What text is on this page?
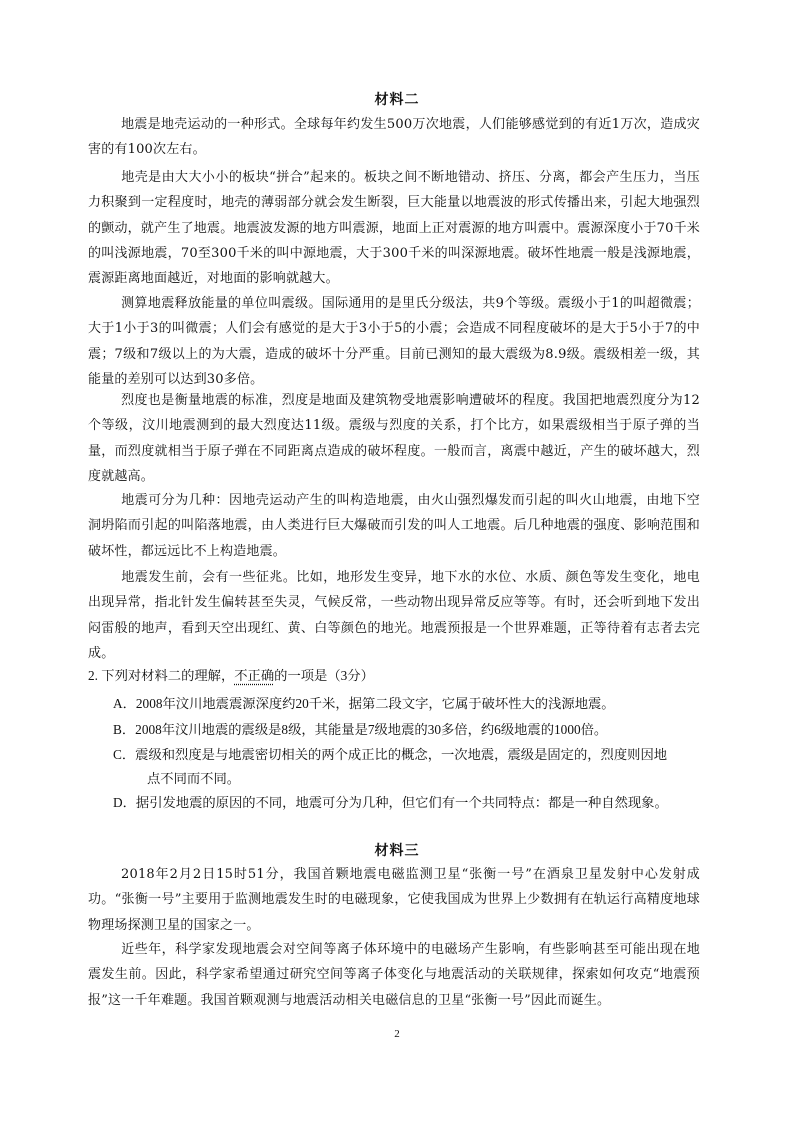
材料二
地震是地壳运动的一种形式。全球每年约发生500万次地震，人们能够感觉到的有近1万次，造成灾害的有100次左右。
地壳是由大大小小的板块“拼合”起来的。板块之间不断地错动、挤压、分离，都会产生压力，当压力积聚到一定程度时，地壳的薄弱部分就会发生断裂，巨大能量以地震波的形式传播出来，引起大地强烈的颤动，就产生了地震。地震波发源的地方叫震源，地面上正对震源的地方叫震中。震源深度小于70千米的叫浅源地震，70至300千米的叫中源地震，大于300千米的叫深源地震。破坏性地震一般是浅源地震，震源距离地面越近，对地面的影响就越大。
测算地震释放能量的单位叫震级。国际通用的是里氏分级法，共9个等级。震级小于1的叫超微震；大于1小于3的叫微震；人们会有感觉的是大于3小于5的小震；会造成不同程度破坏的是大于5小于7的中震；7级和7级以上的为大震，造成的破坏十分严重。目前已测知的最大震级为8.9级。震级相差一级，其能量的差别可以达到30多倍。
烈度也是衡量地震的标准，烈度是地面及建筑物受地震影响遭破坏的程度。我国把地震烈度分为12个等级，汶川地震测到的最大烈度达11级。震级与烈度的关系，打个比方，如果震级相当于原子弹的当量，而烈度就相当于原子弹在不同距离点造成的破坏程度。一般而言，离震中越近，产生的破坏越大，烈度就越高。
地震可分为几种：因地壳运动产生的叫构造地震，由火山强烈爆发而引起的叫火山地震，由地下空洞坍陷而引起的叫陷落地震，由人类进行巨大爆破而引发的叫人工地震。后几种地震的强度、影响范围和破坏性，都远远比不上构造地震。
地震发生前，会有一些征兆。比如，地形发生变异，地下水的水位、水质、颜色等发生变化，地电出现异常，指北针发生偏转甚至失灵，气候反常，一些动物出现异常反应等等。有时，还会听到地下发出闷雷般的地声，看到天空出现红、黄、白等颜色的地光。地震预报是一个世界难题，正等待着有志者去完成。
2. 下列对材料二的理解，不正确的一项是（3分）
A．2008年汶川地震震源深度约20千米，据第二段文字，它属于破坏性大的浅源地震。
B．2008年汶川地震的震级是8级，其能量是7级地震的30多倍，约6级地震的1000倍。
C．震级和烈度是与地震密切相关的两个成正比的概念，一次地震，震级是固定的，烈度则因地
点不同而不同。
D．据引发地震的原因的不同，地震可分为几种，但它们有一个共同特点：都是一种自然现象。
材料三
2018年2月2日15时51分，我国首颗地震电磁监测卫星“张衡一号”在酒泉卫星发射中心发射成功。“张衡一号”主要用于监测地震发生时的电磁现象，它使我国成为世界上少数拥有在轨运行高精度地球物理场探测卫星的国家之一。
近些年，科学家发现地震会对空间等离子体环境中的电磁场产生影响，有些影响甚至可能出现在地震发生前。因此，科学家希望通过研究空间等离子体变化与地震活动的关联规律，探索如何攻克“地震预报”这一千年难题。我国首颗观测与地震活动相关电磁信息的卫星“张衡一号”因此而诞生。
2
